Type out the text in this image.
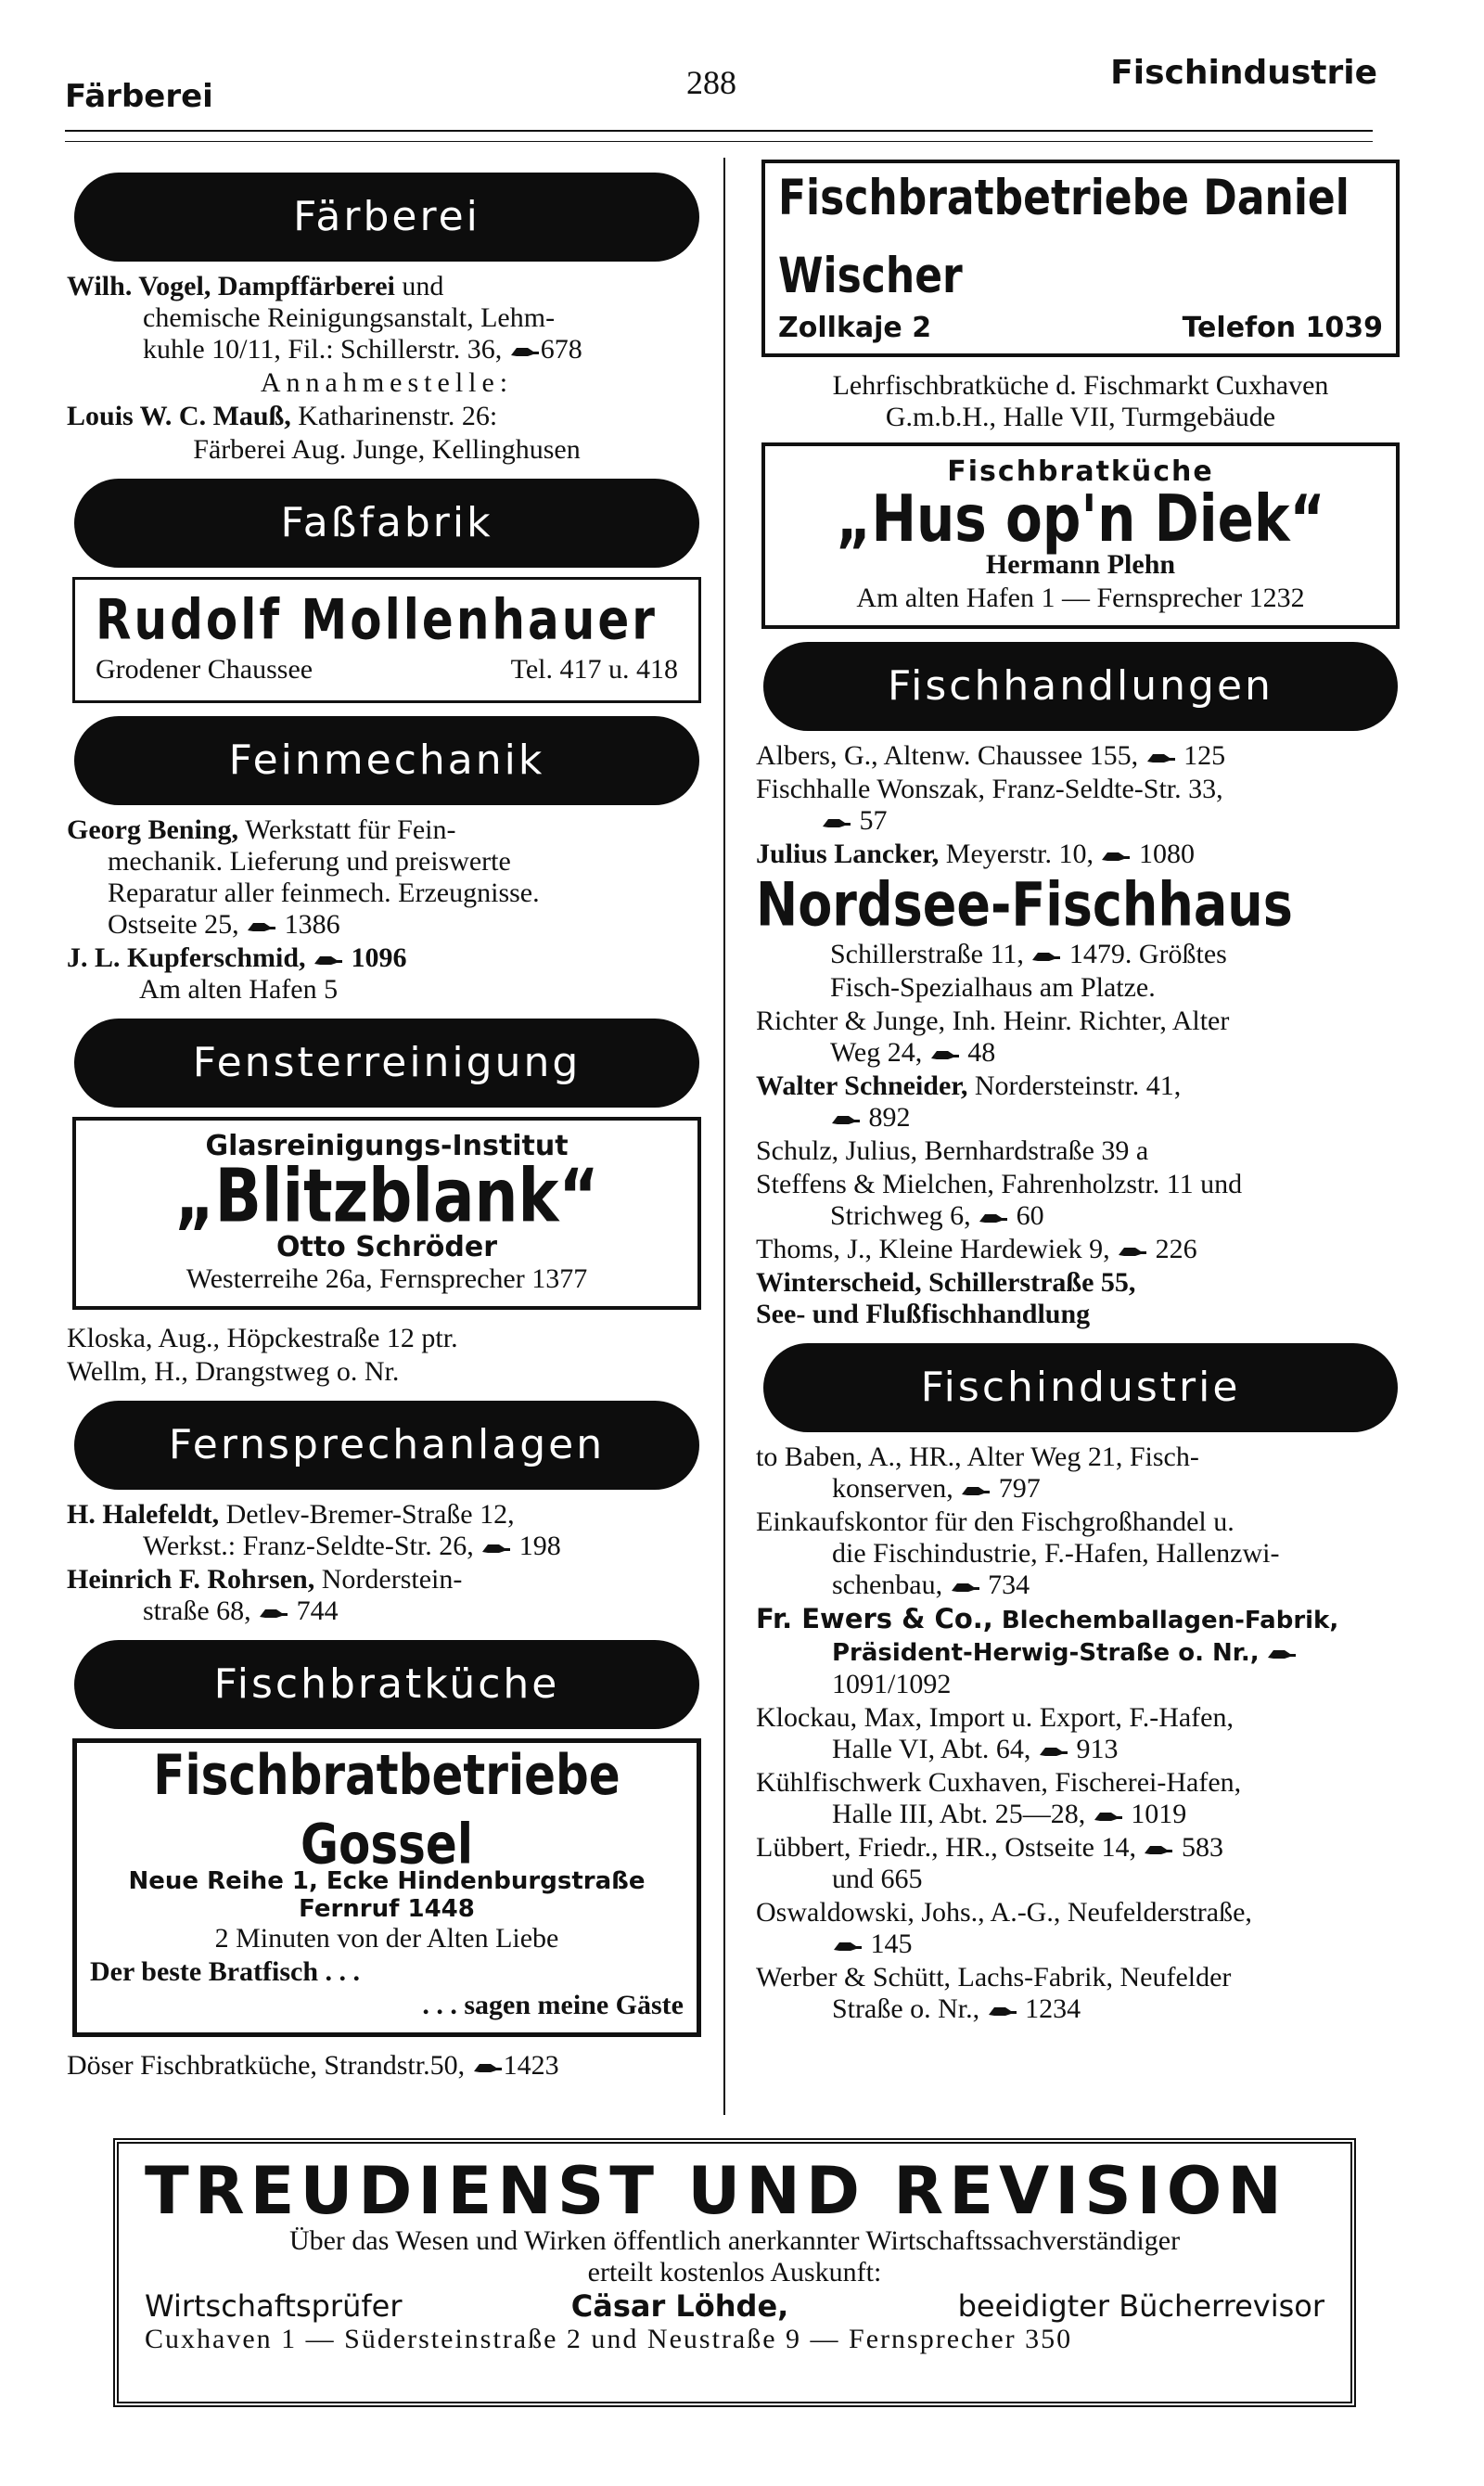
Färberei	288	Fischindustrie
Färberei
Wilh. Vogel, Dampffärberei und
chemische Reinigungsanstalt, Lehm-
kuhle 10/11, Fil.: Schillerstr. 36, 678
Annahmestelle:
Louis W. C. Mauß, Katharinenstr. 26:
Färberei Aug. Junge, Kellinghusen
Faßfabrik
Rudolf Mollenhauer
Grodener Chaussee	Tel. 417 u. 418
Feinmechanik
Georg Bening, Werkstatt für Fein-
mechanik. Lieferung und preiswerte
Reparatur aller feinmech. Erzeugnisse.
Ostseite 25, 1386
J. L. Kupferschmid, 1096
Am alten Hafen 5
Fensterreinigung
Glasreinigungs-Institut
„Blitzblank“
Otto Schröder
Westerreihe 26a, Fernsprecher 1377
Kloska, Aug., Höpckestraße 12 ptr.
Wellm, H., Drangstweg o. Nr.
Fernsprechanlagen
H. Halefeldt, Detlev-Bremer-Straße 12,
Werkst.: Franz-Seldte-Str. 26, 198
Heinrich F. Rohrsen, Norderstein-
straße 68, 744
Fischbratküche
Fischbratbetriebe Gossel
Neue Reihe 1, Ecke Hindenburgstraße
Fernruf 1448
2 Minuten von der Alten Liebe
Der beste Bratfisch . . .
. . . sagen meine Gäste
Döser Fischbratküche, Strandstr.50, 1423
Fischbratbetriebe Daniel Wischer
Zollkaje 2	Telefon 1039
Lehrfischbratküche d. Fischmarkt Cuxhaven
G.m.b.H., Halle VII, Turmgebäude
Fischbratküche
„Hus op'n Diek“
Hermann Plehn
Am alten Hafen 1 — Fernsprecher 1232
Fischhandlungen
Albers, G., Altenw. Chaussee 155, 125
Fischhalle Wonszak, Franz-Seldte-Str. 33,
57
Julius Lancker, Meyerstr. 10, 1080
Nordsee-Fischhaus
Schillerstraße 11, 1479. Größtes
Fisch-Spezialhaus am Platze.
Richter & Junge, Inh. Heinr. Richter, Alter
Weg 24, 48
Walter Schneider, Nordersteinstr. 41,
892
Schulz, Julius, Bernhardstraße 39 a
Steffens & Mielchen, Fahrenholzstr. 11 und
Strichweg 6, 60
Thoms, J., Kleine Hardewiek 9, 226
Winterscheid, Schillerstraße 55,
See- und Flußfischhandlung
Fischindustrie
to Baben, A., HR., Alter Weg 21, Fisch-
konserven, 797
Einkaufskontor für den Fischgroßhandel u.
die Fischindustrie, F.-Hafen, Hallenzwi-
schenbau, 734
Fr. Ewers & Co., Blechemballagen-Fabrik,
Präsident-Herwig-Straße o. Nr.,
1091/1092
Klockau, Max, Import u. Export, F.-Hafen,
Halle VI, Abt. 64, 913
Kühlfischwerk Cuxhaven, Fischerei-Hafen,
Halle III, Abt. 25—28, 1019
Lübbert, Friedr., HR., Ostseite 14, 583
und 665
Oswaldowski, Johs., A.-G., Neufelderstraße,
145
Werber & Schütt, Lachs-Fabrik, Neufelder
Straße o. Nr., 1234
TREUDIENST UND REVISION
Über das Wesen und Wirken öffentlich anerkannter Wirtschaftssachverständiger
erteilt kostenlos Auskunft:
Wirtschaftsprüfer	Cäsar Löhde,	beeidigter Bücherrevisor
Cuxhaven 1 — Südersteinstraße 2 und Neustraße 9 — Fernsprecher 350
